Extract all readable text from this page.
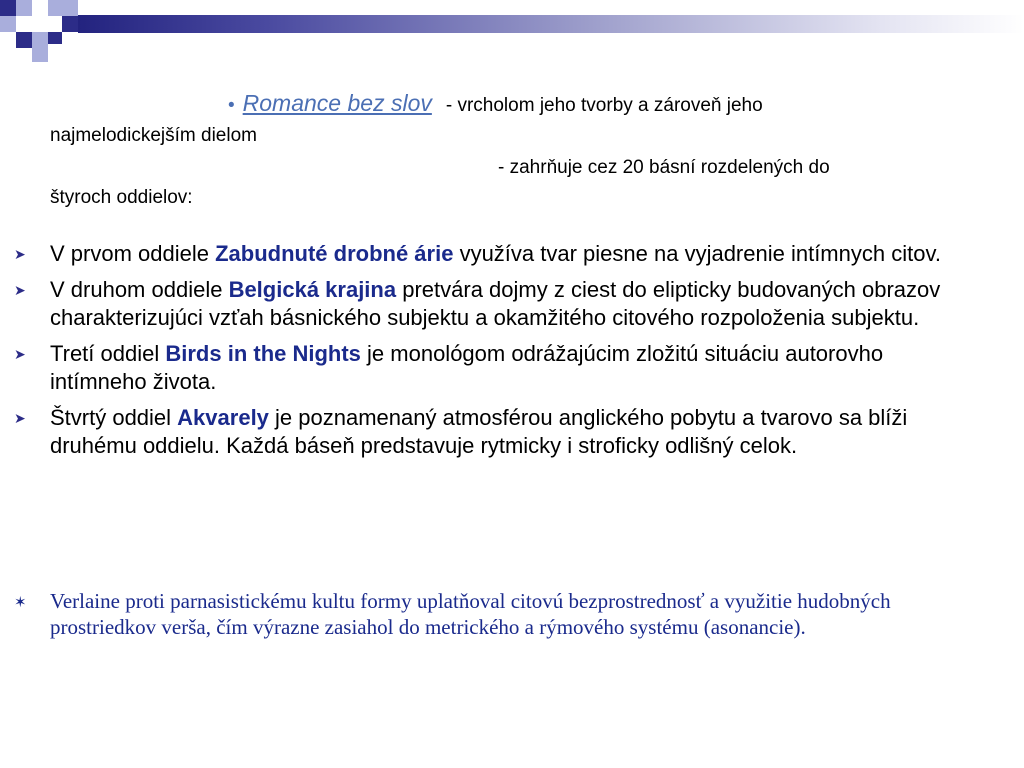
• Romance bez slov - vrcholom jeho tvorby a zároveň jeho
najmelodickejším dielom
- zahrňuje cez 20 básní rozdelených do
štyroch oddielov:
➤	V prvom oddiele Zabudnuté drobné árie využíva tvar piesne na vyjadrenie intímnych citov.
➤	V druhom oddiele Belgická krajina pretvára dojmy z ciest do elipticky budovaných obrazov charakterizujúci vzťah básnického subjektu a okamžitého citového rozpoloženia subjektu.
➤	Tretí oddiel Birds in the Nights je monológom odrážajúcim zložitú situáciu autorovho intímneho života.
➤	Štvrtý oddiel Akvarely je poznamenaný atmosférou anglického pobytu a tvarovo sa blíži druhému oddielu. Každá báseň predstavuje rytmicky i stroficky odlišný celok.
✶ Verlaine proti parnasistickému kultu formy uplatňoval citovú bezprostrednosť a využitie hudobných prostriedkov verša, čím výrazne zasiahol do metrického a rýmového systému (asonancie).
